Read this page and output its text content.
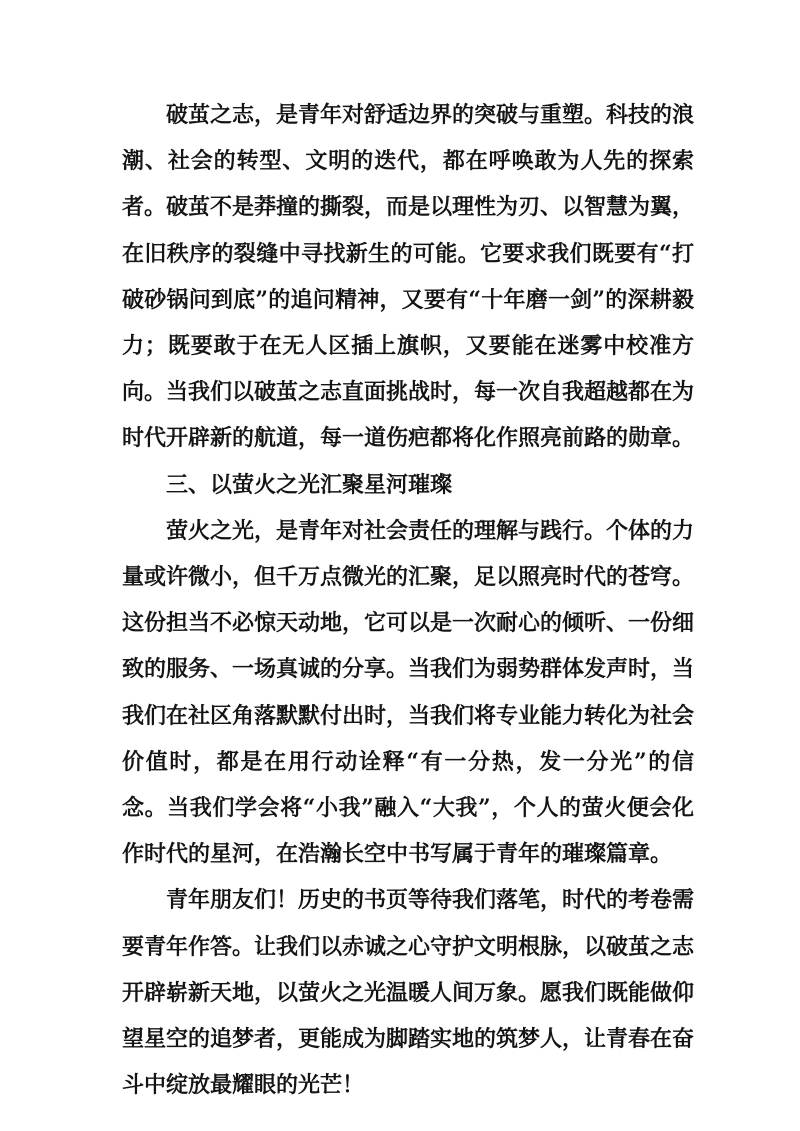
破茧之志，是青年对舒适边界的突破与重塑。科技的浪潮、社会的转型、文明的迭代，都在呼唤敢为人先的探索者。破茧不是莽撞的撕裂，而是以理性为刃、以智慧为翼，在旧秩序的裂缝中寻找新生的可能。它要求我们既要有“打破砂锅问到底”的追问精神，又要有“十年磨一剑”的深耕毅力；既要敢于在无人区插上旗帜，又要能在迷雾中校准方向。当我们以破茧之志直面挑战时，每一次自我超越都在为时代开辟新的航道，每一道伤疤都将化作照亮前路的勋章。

三、以萤火之光汇聚星河璀璨

萤火之光，是青年对社会责任的理解与践行。个体的力量或许微小，但千万点微光的汇聚，足以照亮时代的苍穹。这份担当不必惊天动地，它可以是一次耐心的倾听、一份细致的服务、一场真诚的分享。当我们为弱势群体发声时，当我们在社区角落默默付出时，当我们将专业能力转化为社会价值时，都是在用行动诠释“有一分热，发一分光”的信念。当我们学会将“小我”融入“大我”，个人的萤火便会化作时代的星河，在浩瀚长空中书写属于青年的璀璨篇章。

青年朋友们！历史的书页等待我们落笔，时代的考卷需要青年作答。让我们以赤诚之心守护文明根脉，以破茧之志开辟崭新天地，以萤火之光温暖人间万象。愿我们既能做仰望星空的追梦者，更能成为脚踏实地的筑梦人，让青春在奋斗中绽放最耀眼的光芒！
